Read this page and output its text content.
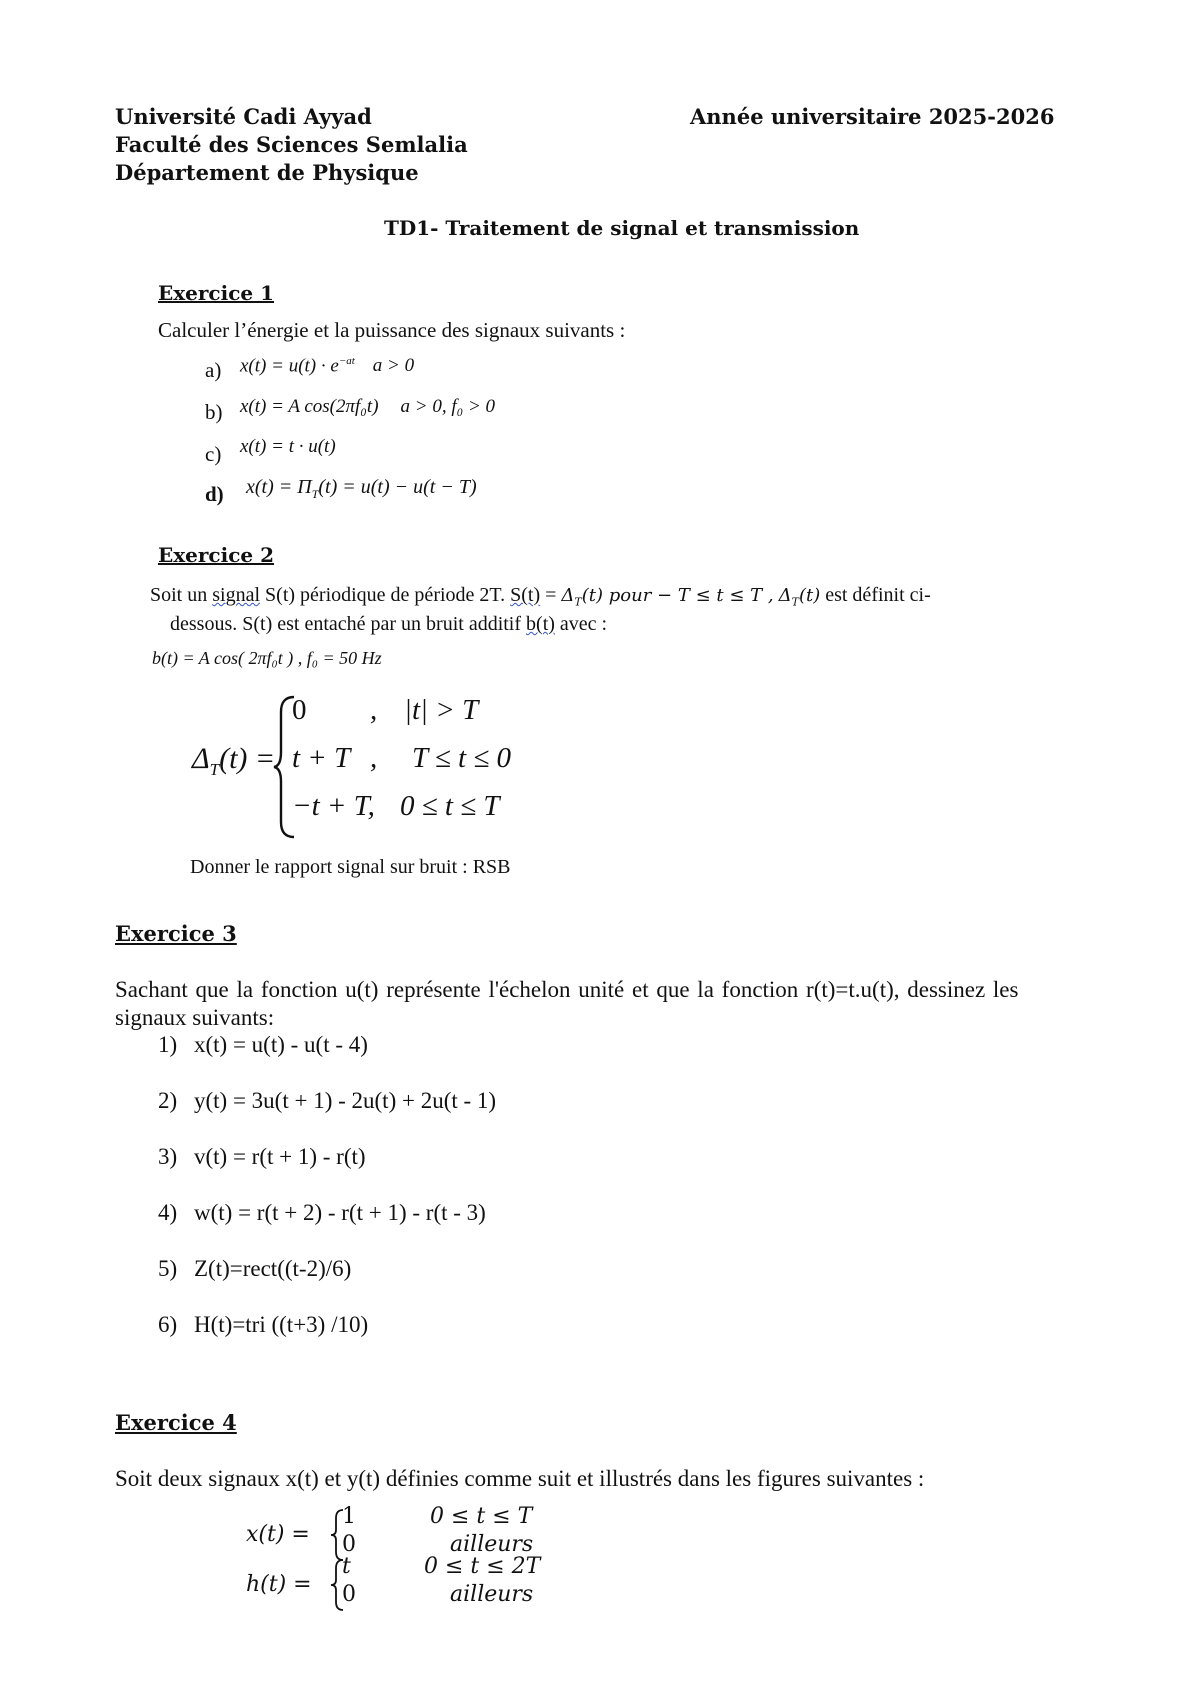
Université Cadi Ayyad
Faculté des Sciences Semlalia
Département de Physique
Année universitaire 2025-2026
TD1- Traitement de signal et transmission
Exercice 1
Calculer l’énergie et la puissance des signaux suivants :
a) $x(t) = u(t) \cdot e^{-at}$ a > 0
b) x(t) = A cos(2πf₀t) a > 0, f₀ > 0
c) x(t) = t · u(t)
d) $x(t) = \Pi_T(t) = u(t) - u(t - T)$
Exercice 2
Soit un signal S(t) périodique de période 2T. $S(t) = \Delta_T(t)$ pour − T ≤ t ≤ T , $\Delta_T(t)$ est définit ci-
dessous. S(t) est entaché par un bruit additif b(t) avec :
b(t) = A cos( 2πf₀t ) , f₀ = 50 Hz
$\Delta_T(t)$ =
0 , |t| > T
t + T , T ≤ t ≤ 0
−t + T, 0 ≤ t ≤ T
Donner le rapport signal sur bruit : RSB
Exercice 3
Sachant que la fonction u(t) représente l'échelon unité et que la fonction r(t)=t.u(t), dessinez les
signaux suivants:
1) x(t) = u(t) - u(t - 4)
2) y(t) = 3u(t + 1) - 2u(t) + 2u(t - 1)
3) v(t) = r(t + 1) - r(t)
4) w(t) = r(t + 2) - r(t + 1) - r(t - 3)
5) Z(t)=rect((t-2)/6)
6) H(t)=tri ((t+3) /10)
Exercice 4
Soit deux signaux x(t) et y(t) définies comme suit et illustrés dans les figures suivantes :
x(t) =
1	0 ≤ t ≤ T
0	ailleurs
h(t) =
t	0 ≤ t ≤ 2T
0	ailleurs
